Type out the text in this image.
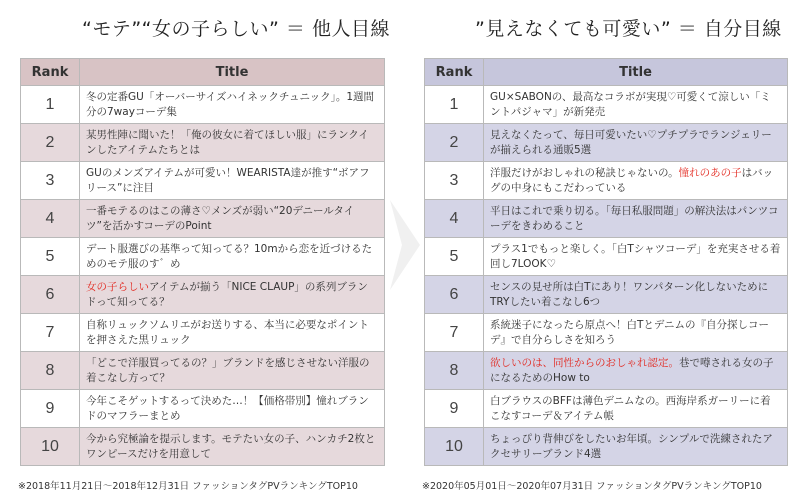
“モテ”“女の子らしい” ＝ 他人目線	”見えなくても可愛い” ＝ 自分目線
Rank	Title
1	冬の定番GU「オーバーサイズハイネックチュニック」。1週間分の7wayコーデ集
2	某男性陣に聞いた！「俺の彼女に着てほしい服」にランクインしたアイテムたちとは
3	GUのメンズアイテムが可愛い！WEARISTA達が推す“ボアフリース”に注目
4	一番モテるのはこの薄さ♡メンズが弱い“20デニールタイツ”を活かすコーデのPoint
5	デート服選びの基準って知ってる？10mから恋を近づけるためのモテ服のす゛め
6	女の子らしいアイテムが揃う「NICE CLAUP」の系列ブランドって知ってる？
7	自称リュックソムリエがお送りする、本当に必要なポイントを押さえた黒リュック
8	「どこで洋服買ってるの？」ブランドを感じさせない洋服の着こなし方って？
9	今年こそゲットするって決めた…！【価格帯別】憧れブランドのマフラーまとめ
10	今から究極論を提示します。モテたい女の子、ハンカチ2枚とワンピースだけを用意して
Rank	Title
1	GU×SABONの、最高なコラボが実現♡可愛くて涼しい「ミントパジャマ」が新発売
2	見えなくたって、毎日可愛いたい♡プチプラでランジェリーが揃えられる通販5選
3	洋服だけがおしゃれの秘訣じゃないの。憧れのあの子はバッグの中身にもこだわっている
4	平日はこれで乗り切る。「毎日私服問題」の解決法はパンツコーデをきわめること
5	プラス1でもっと楽しく。「白Tシャツコーデ」を充実させる着回し7LOOK♡
6	センスの見せ所は白Tにあり！ワンパターン化しないためにTRYしたい着こなし6つ
7	系統迷子になったら原点へ！白Tとデニムの『自分探しコーデ』で自分らしさを知ろう
8	欲しいのは、同性からのおしゃれ認定。巷で噂される女の子になるためのHow to
9	白ブラウスのBFFは薄色デニムなの。西海岸系ガーリーに着こなすコーデ＆アイテム帳
10	ちょっぴり背伸びをしたいお年頃。シンプルで洗練されたアクセサリーブランド4選
※2018年11月21日～2018年12月31日 ファッションタグPVランキングTOP10	※2020年05月01日～2020年07月31日 ファッションタグPVランキングTOP10
